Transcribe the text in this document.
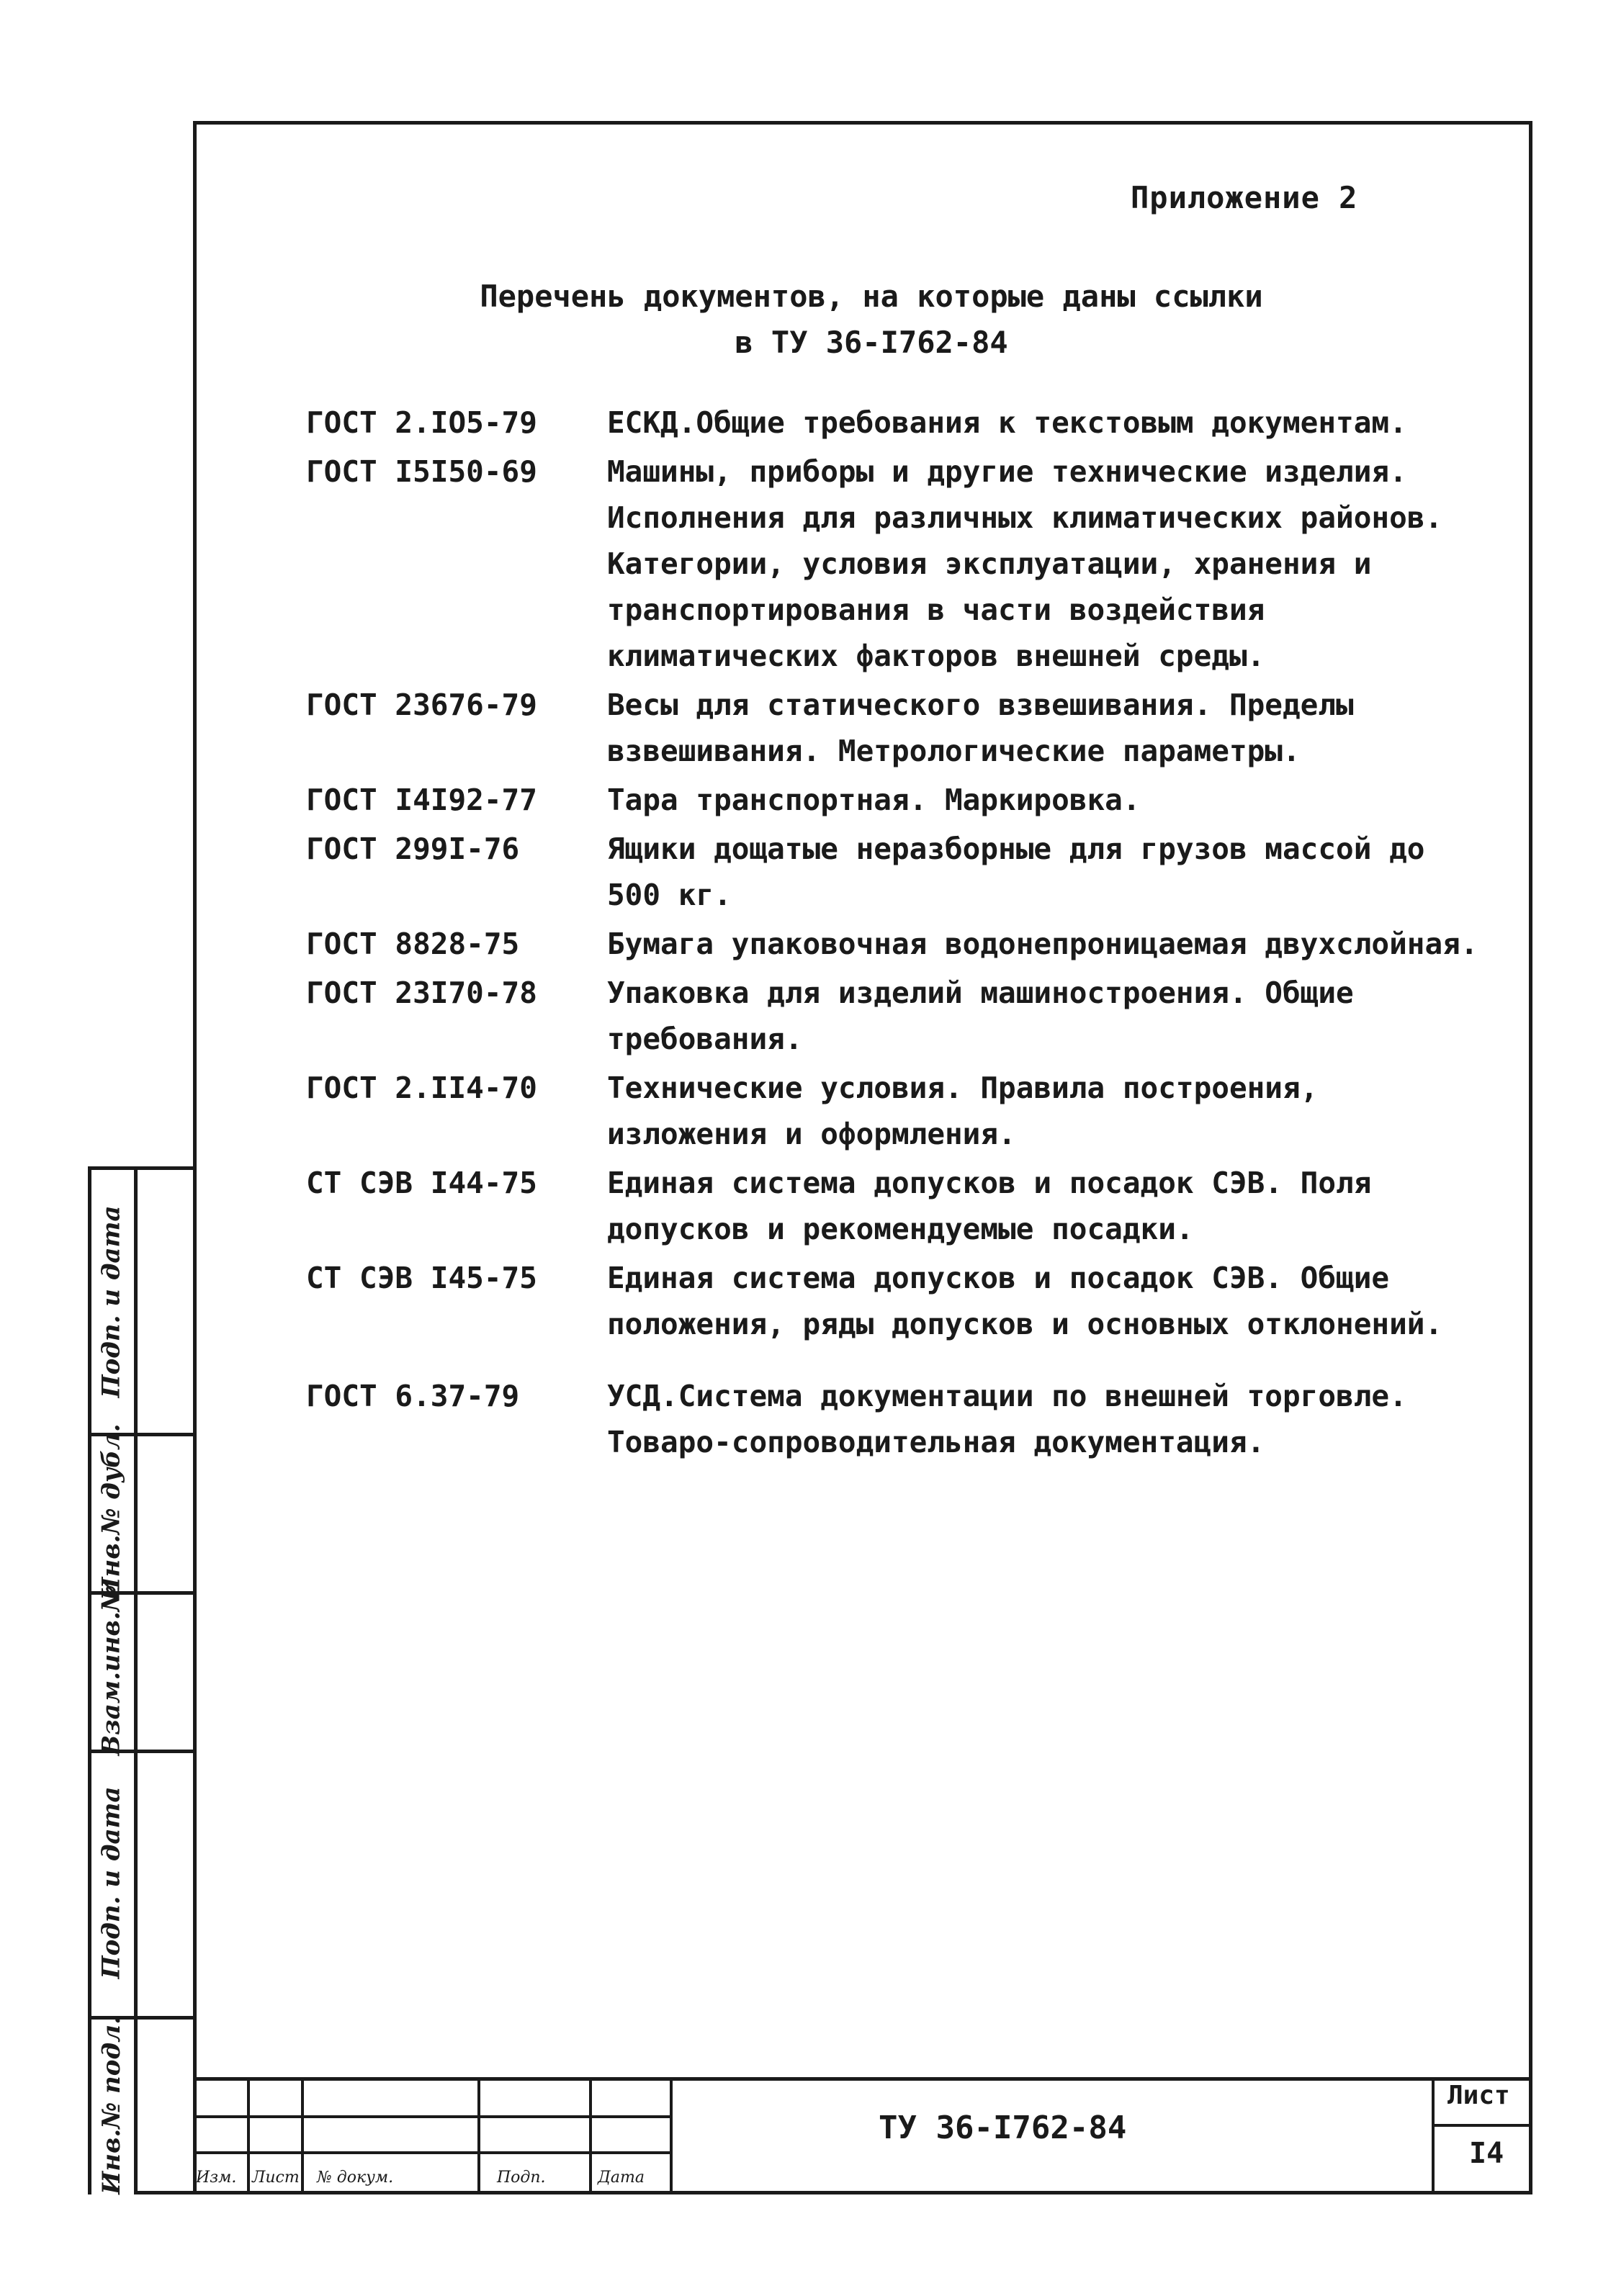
Приложение 2
Перечень документов, на которые даны ссылки
в ТУ 36-I762-84
ГОСТ 2.IO5-79	ЕСКД.Общие требования к текстовым документам.
ГОСТ I5I50-69	Машины, приборы и другие технические изделия. Исполнения для различных климатических районов. Категории, условия эксплуатации, хранения и транспортирования в части воздействия климатических факторов внешней среды.
ГОСТ 23676-79	Весы для статического взвешивания. Пределы взвешивания. Метрологические параметры.
ГОСТ I4I92-77	Тара транспортная. Маркировка.
ГОСТ 299I-76	Ящики дощатые неразборные для грузов массой до 500 кг.
ГОСТ 8828-75	Бумага упаковочная водонепроницаемая двухслойная.
ГОСТ 23I70-78	Упаковка для изделий машиностроения. Общие требования.
ГОСТ 2.II4-70	Технические условия. Правила построения, изложения и оформления.
СТ СЭВ I44-75	Единая система допусков и посадок СЭВ. Поля допусков и рекомендуемые посадки.
СТ СЭВ I45-75	Единая система допусков и посадок СЭВ. Общие положения, ряды допусков и основных отклонений.
ГОСТ 6.37-79	УСД.Система документации по внешней торговле. Товаро-сопроводительная документация.
Подп. и дата
Инв.№ дубл.
Взам.инв.№
Подп. и дата
Инв.№ подл.	ТУ 36-I762-84
Лист
I4
Изм. Лист № докум.	Подп.	Дата
